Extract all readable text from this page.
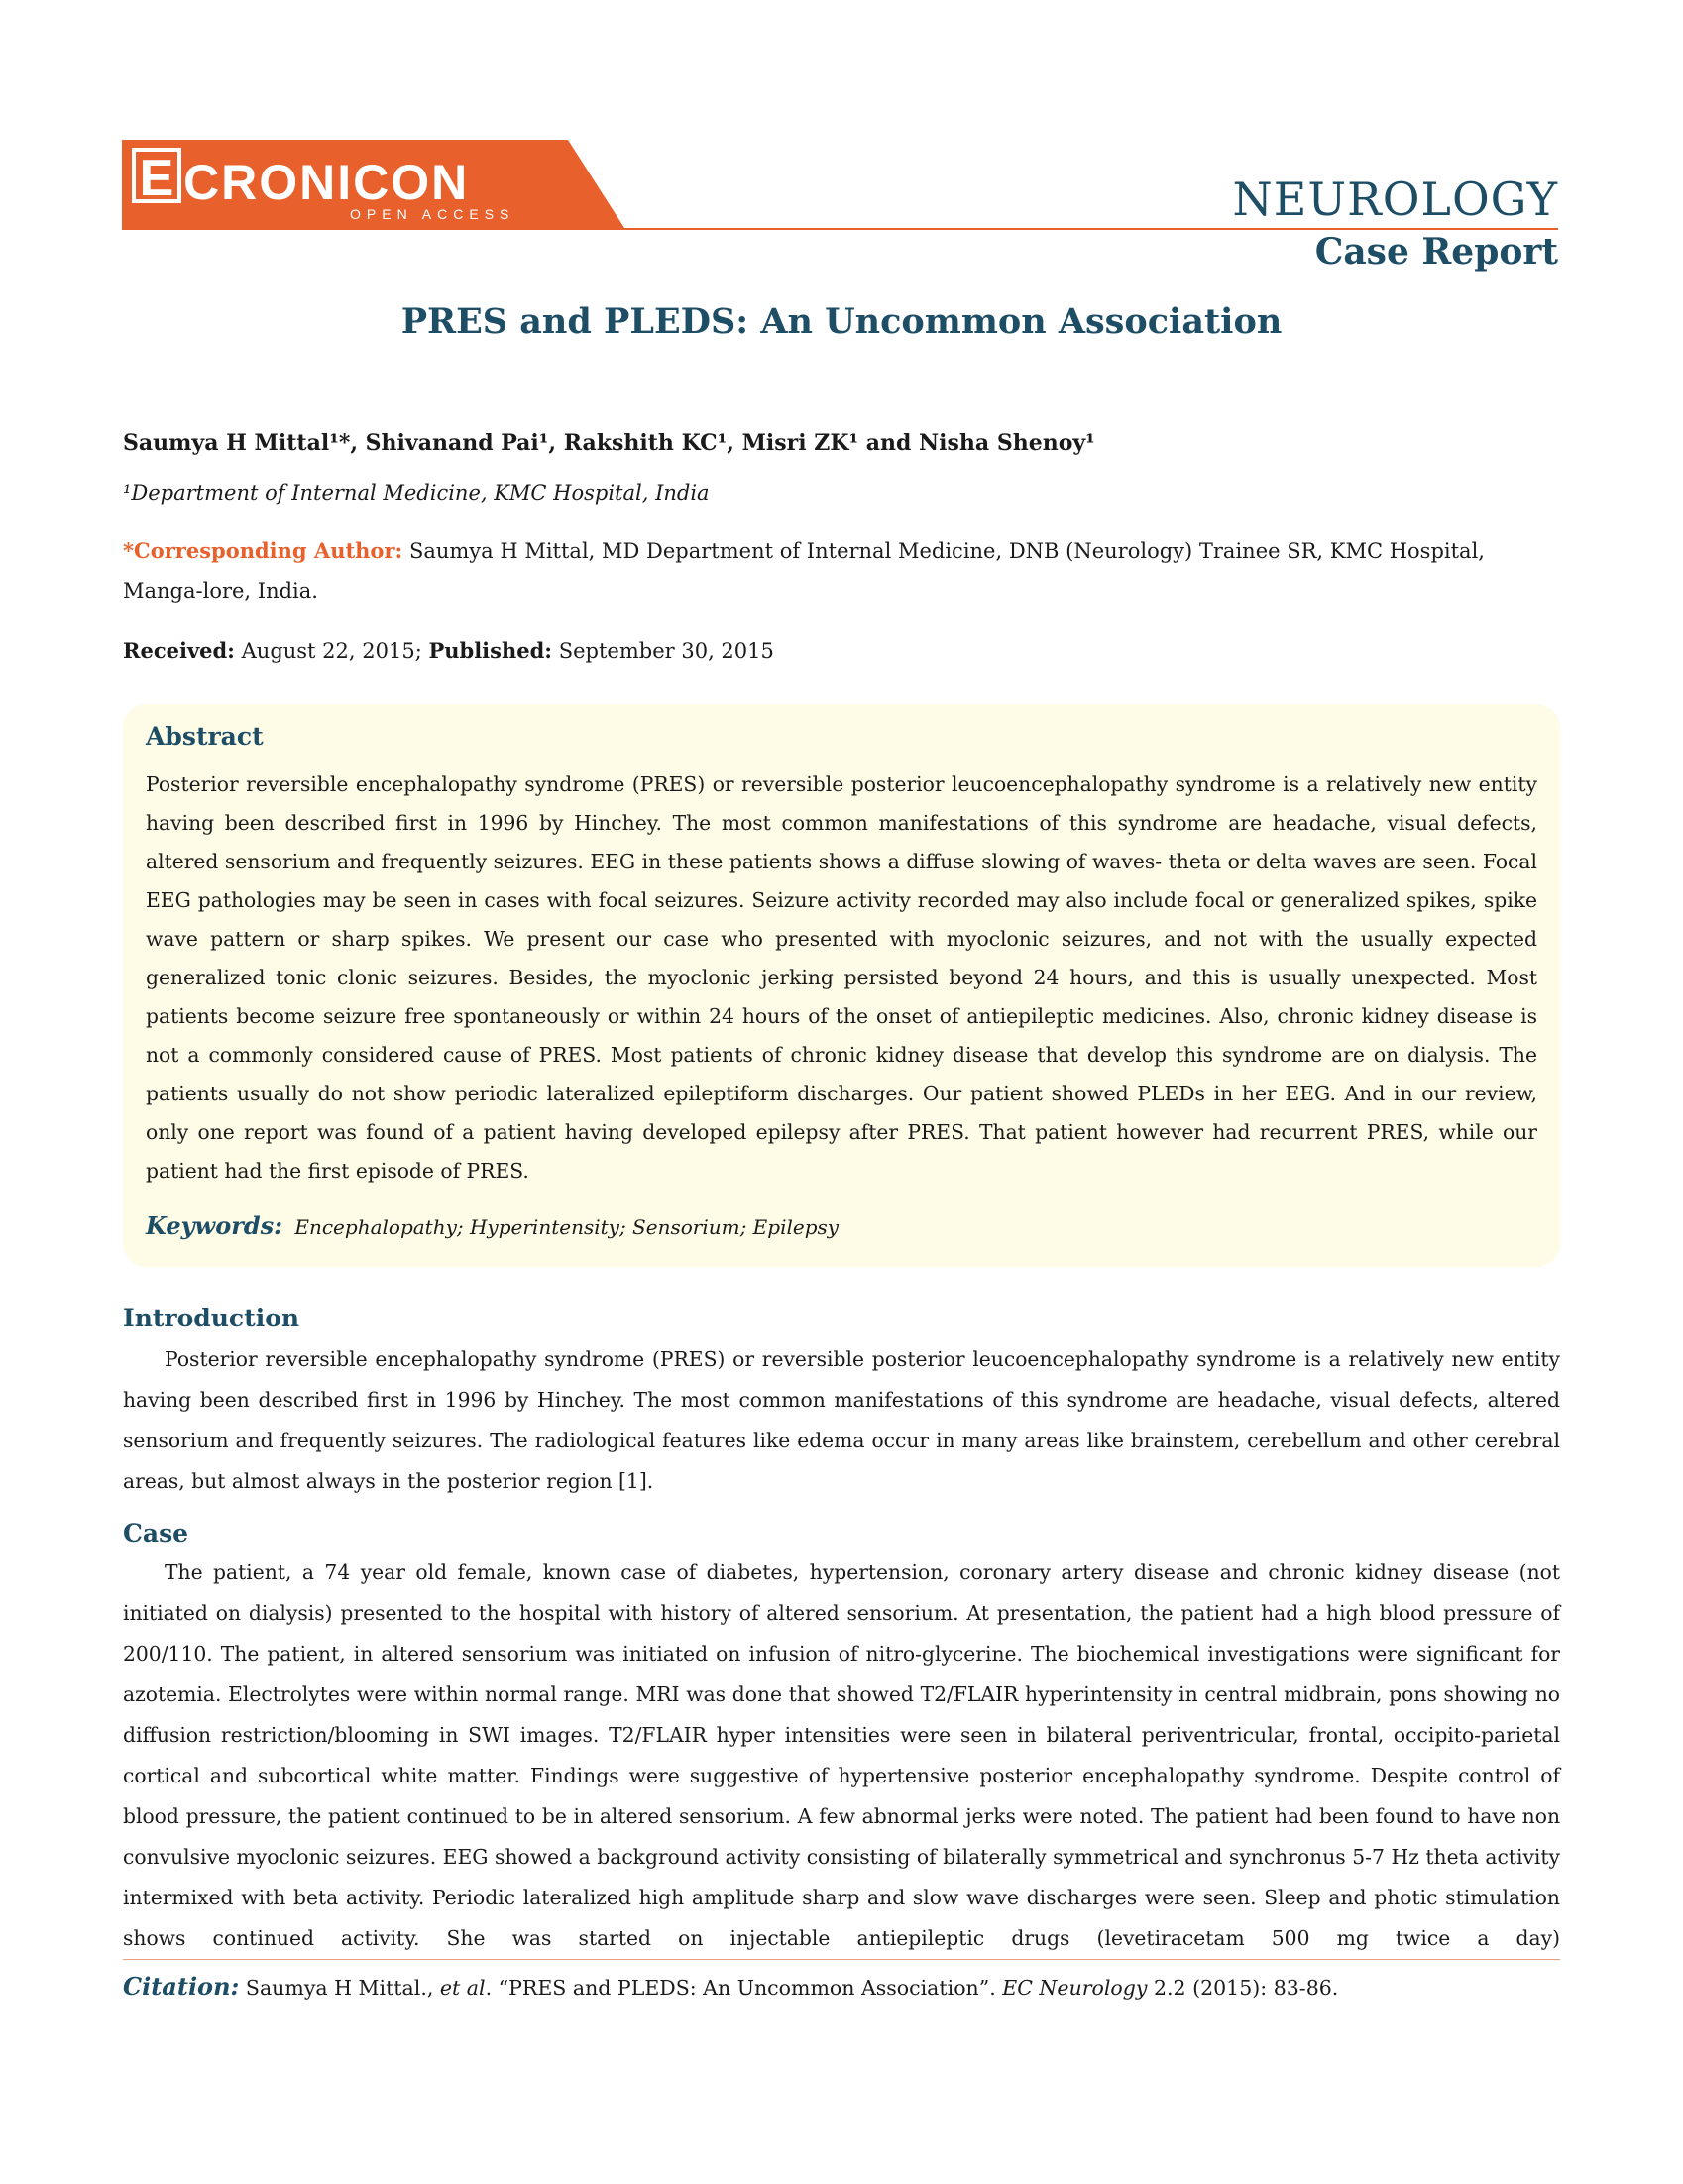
E CRONICON
OPEN ACCESS	NEUROLOGY
Case Report
PRES and PLEDS: An Uncommon Association
Saumya H Mittal¹*, Shivanand Pai¹, Rakshith KC¹, Misri ZK¹ and Nisha Shenoy¹
¹Department of Internal Medicine, KMC Hospital, India
*Corresponding Author: Saumya H Mittal, MD Department of Internal Medicine, DNB (Neurology) Trainee SR, KMC Hospital, Manga-lore, India.
Received: August 22, 2015; Published: September 30, 2015
Abstract
Posterior reversible encephalopathy syndrome (PRES) or reversible posterior leucoencephalopathy syndrome is a relatively new entity having been described first in 1996 by Hinchey. The most common manifestations of this syndrome are headache, visual defects, altered sensorium and frequently seizures. EEG in these patients shows a diffuse slowing of waves- theta or delta waves are seen. Focal EEG pathologies may be seen in cases with focal seizures. Seizure activity recorded may also include focal or generalized spikes, spike wave pattern or sharp spikes. We present our case who presented with myoclonic seizures, and not with the usually expected generalized tonic clonic seizures. Besides, the myoclonic jerking persisted beyond 24 hours, and this is usually unexpected. Most patients become seizure free spontaneously or within 24 hours of the onset of antiepileptic medicines. Also, chronic kidney disease is not a commonly considered cause of PRES. Most patients of chronic kidney disease that develop this syndrome are on dialysis. The patients usually do not show periodic lateralized epileptiform discharges. Our patient showed PLEDs in her EEG. And in our review, only one report was found of a patient having developed epilepsy after PRES. That patient however had recurrent PRES, while our patient had the first episode of PRES.
Keywords: Encephalopathy; Hyperintensity; Sensorium; Epilepsy
Introduction
Posterior reversible encephalopathy syndrome (PRES) or reversible posterior leucoencephalopathy syndrome is a relatively new entity having been described first in 1996 by Hinchey. The most common manifestations of this syndrome are headache, visual defects, altered sensorium and frequently seizures. The radiological features like edema occur in many areas like brainstem, cerebellum and other cerebral areas, but almost always in the posterior region [1].
Case
The patient, a 74 year old female, known case of diabetes, hypertension, coronary artery disease and chronic kidney disease (not initiated on dialysis) presented to the hospital with history of altered sensorium. At presentation, the patient had a high blood pressure of 200/110. The patient, in altered sensorium was initiated on infusion of nitro-glycerine. The biochemical investigations were significant for azotemia. Electrolytes were within normal range. MRI was done that showed T2/FLAIR hyperintensity in central midbrain, pons showing no diffusion restriction/blooming in SWI images. T2/FLAIR hyper intensities were seen in bilateral periventricular, frontal, occipito-parietal cortical and subcortical white matter. Findings were suggestive of hypertensive posterior encephalopathy syndrome. Despite control of blood pressure, the patient continued to be in altered sensorium. A few abnormal jerks were noted. The patient had been found to have non convulsive myoclonic seizures. EEG showed a background activity consisting of bilaterally symmetrical and synchronus 5-7 Hz theta activity intermixed with beta activity. Periodic lateralized high amplitude sharp and slow wave discharges were seen. Sleep and photic stimulation shows continued activity. She was started on injectable antiepileptic drugs (levetiracetam 500 mg twice a day)
Citation: Saumya H Mittal., et al. “PRES and PLEDS: An Uncommon Association”. EC Neurology 2.2 (2015): 83-86.
